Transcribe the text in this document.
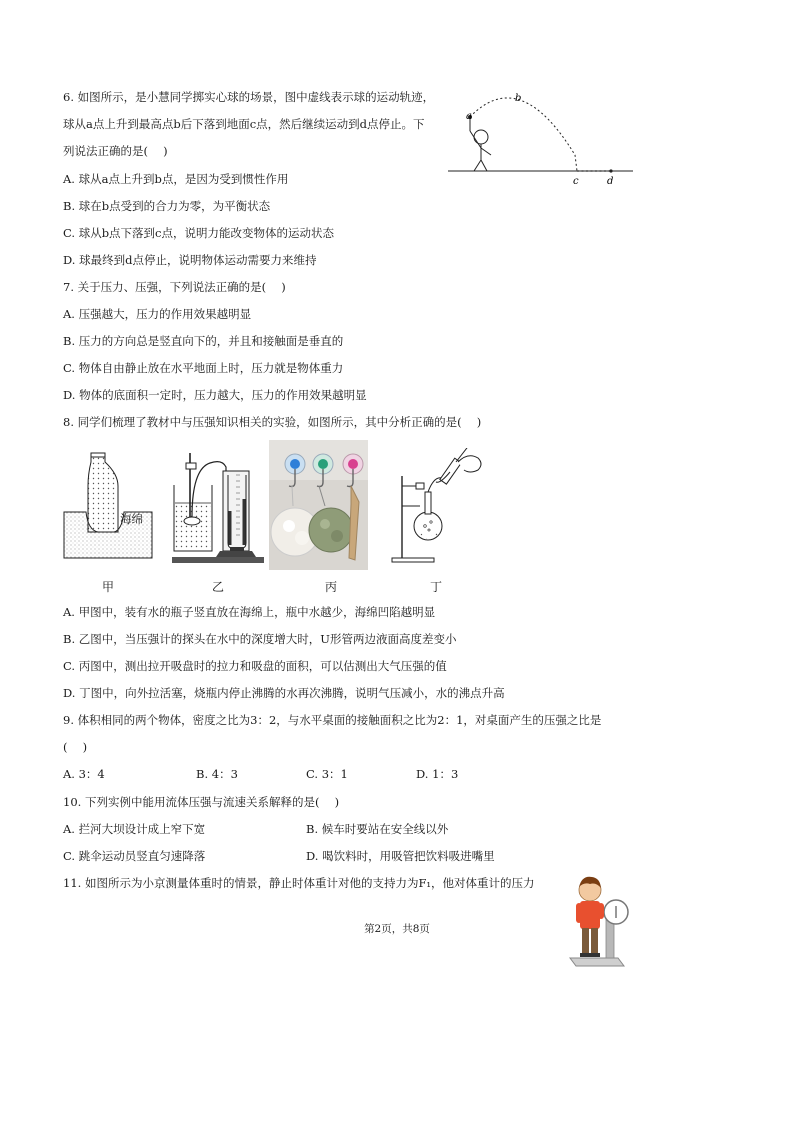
6. 如图所示，是小慧同学掷实心球的场景，图中虚线表示球的运动轨迹，
球从a点上升到最高点b后下落到地面c点，然后继续运动到d点停止。下
列说法正确的是(　 )
A. 球从a点上升到b点，是因为受到惯性作用
B. 球在b点受到的合力为零，为平衡状态
C. 球从b点下落到c点，说明力能改变物体的运动状态
D. 球最终到d点停止，说明物体运动需要力来维持
a
b
c	d
7. 关于压力、压强，下列说法正确的是(　 )
A. 压强越大，压力的作用效果越明显
B. 压力的方向总是竖直向下的，并且和接触面是垂直的
C. 物体自由静止放在水平地面上时，压力就是物体重力
D. 物体的底面积一定时，压力越大，压力的作用效果越明显
8. 同学们梳理了教材中与压强知识相关的实验，如图所示，其中分析正确的是(　 )
海绵
甲	乙	丙	丁
A. 甲图中，装有水的瓶子竖直放在海绵上，瓶中水越少，海绵凹陷越明显
B. 乙图中，当压强计的探头在水中的深度增大时，U形管两边液面高度差变小
C. 丙图中，测出拉开吸盘时的拉力和吸盘的面积，可以估测出大气压强的值
D. 丁图中，向外拉活塞，烧瓶内停止沸腾的水再次沸腾，说明气压减小，水的沸点升高
9. 体积相同的两个物体，密度之比为3：2，与水平桌面的接触面积之比为2：1，对桌面产生的压强之比是
(　 )
A. 3：4	B. 4：3	C. 3：1	D. 1：3
10. 下列实例中能用流体压强与流速关系解释的是(　 )
A. 拦河大坝设计成上窄下宽	B. 候车时要站在安全线以外
C. 跳伞运动员竖直匀速降落	D. 喝饮料时，用吸管把饮料吸进嘴里
11. 如图所示为小京测量体重时的情景，静止时体重计对他的支持力为F₁，他对体重计的压力
第2页，共8页
